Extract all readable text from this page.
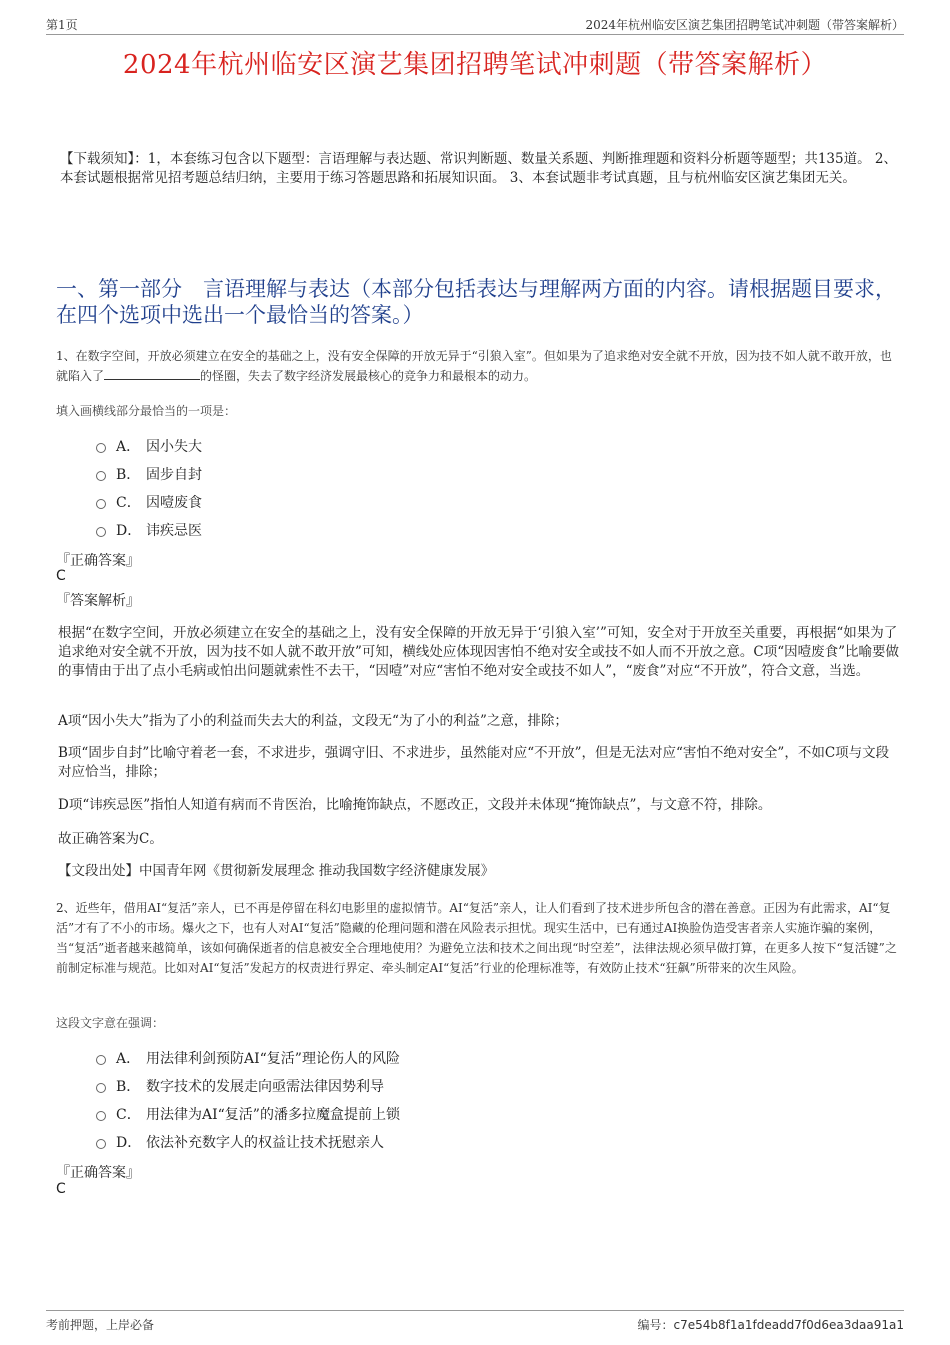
第1页	2024年杭州临安区演艺集团招聘笔试冲刺题（带答案解析）
2024年杭州临安区演艺集团招聘笔试冲刺题（带答案解析）
【下载须知】：1，本套练习包含以下题型：言语理解与表达题、常识判断题、数量关系题、判断推理题和资料分析题等题型；共135道。 2、本套试题根据常见招考题总结归纳，主要用于练习答题思路和拓展知识面。 3、本套试题非考试真题，且与杭州临安区演艺集团无关。
一、第一部分　言语理解与表达（本部分包括表达与理解两方面的内容。请根据题目要求，在四个选项中选出一个最恰当的答案。）
1、在数字空间，开放必须建立在安全的基础之上，没有安全保障的开放无异于“引狼入室”。但如果为了追求绝对安全就不开放，因为技不如人就不敢开放，也就陷入了	的怪圈，失去了数字经济发展最核心的竞争力和最根本的动力。
填入画横线部分最恰当的一项是：
A． 因小失大
B． 固步自封
C． 因噎废食
D． 讳疾忌医
『正确答案』
C
『答案解析』
根据“在数字空间，开放必须建立在安全的基础之上，没有安全保障的开放无异于‘引狼入室’”可知，安全对于开放至关重要，再根据“如果为了追求绝对安全就不开放，因为技不如人就不敢开放”可知，横线处应体现因害怕不绝对安全或技不如人而不开放之意。C项“因噎废食”比喻要做的事情由于出了点小毛病或怕出问题就索性不去干，“因噎”对应“害怕不绝对安全或技不如人”，“废食”对应“不开放”，符合文意，当选。
A项“因小失大”指为了小的利益而失去大的利益，文段无“为了小的利益”之意，排除；
B项“固步自封”比喻守着老一套，不求进步，强调守旧、不求进步，虽然能对应“不开放”，但是无法对应“害怕不绝对安全”，不如C项与文段对应恰当，排除；
D项“讳疾忌医”指怕人知道有病而不肯医治，比喻掩饰缺点，不愿改正，文段并未体现“掩饰缺点”，与文意不符，排除。
故正确答案为C。
【文段出处】中国青年网《贯彻新发展理念 推动我国数字经济健康发展》
2、近些年，借用AI“复活”亲人，已不再是停留在科幻电影里的虚拟情节。AI“复活”亲人，让人们看到了技术进步所包含的潜在善意。正因为有此需求，AI“复活”才有了不小的市场。爆火之下，也有人对AI“复活”隐藏的伦理问题和潜在风险表示担忧。现实生活中，已有通过AI换脸伪造受害者亲人实施诈骗的案例，当“复活”逝者越来越简单，该如何确保逝者的信息被安全合理地使用？为避免立法和技术之间出现“时空差”，法律法规必须早做打算，在更多人按下“复活键”之前制定标准与规范。比如对AI“复活”发起方的权责进行界定、牵头制定AI“复活”行业的伦理标准等，有效防止技术“狂飙”所带来的次生风险。
这段文字意在强调：
A． 用法律利剑预防AI“复活”理论伤人的风险
B． 数字技术的发展走向亟需法律因势利导
C． 用法律为AI“复活”的潘多拉魔盒提前上锁
D． 依法补充数字人的权益让技术抚慰亲人
『正确答案』
C
考前押题，上岸必备	编号：c7e54b8f1a1fdeadd7f0d6ea3daa91a1
